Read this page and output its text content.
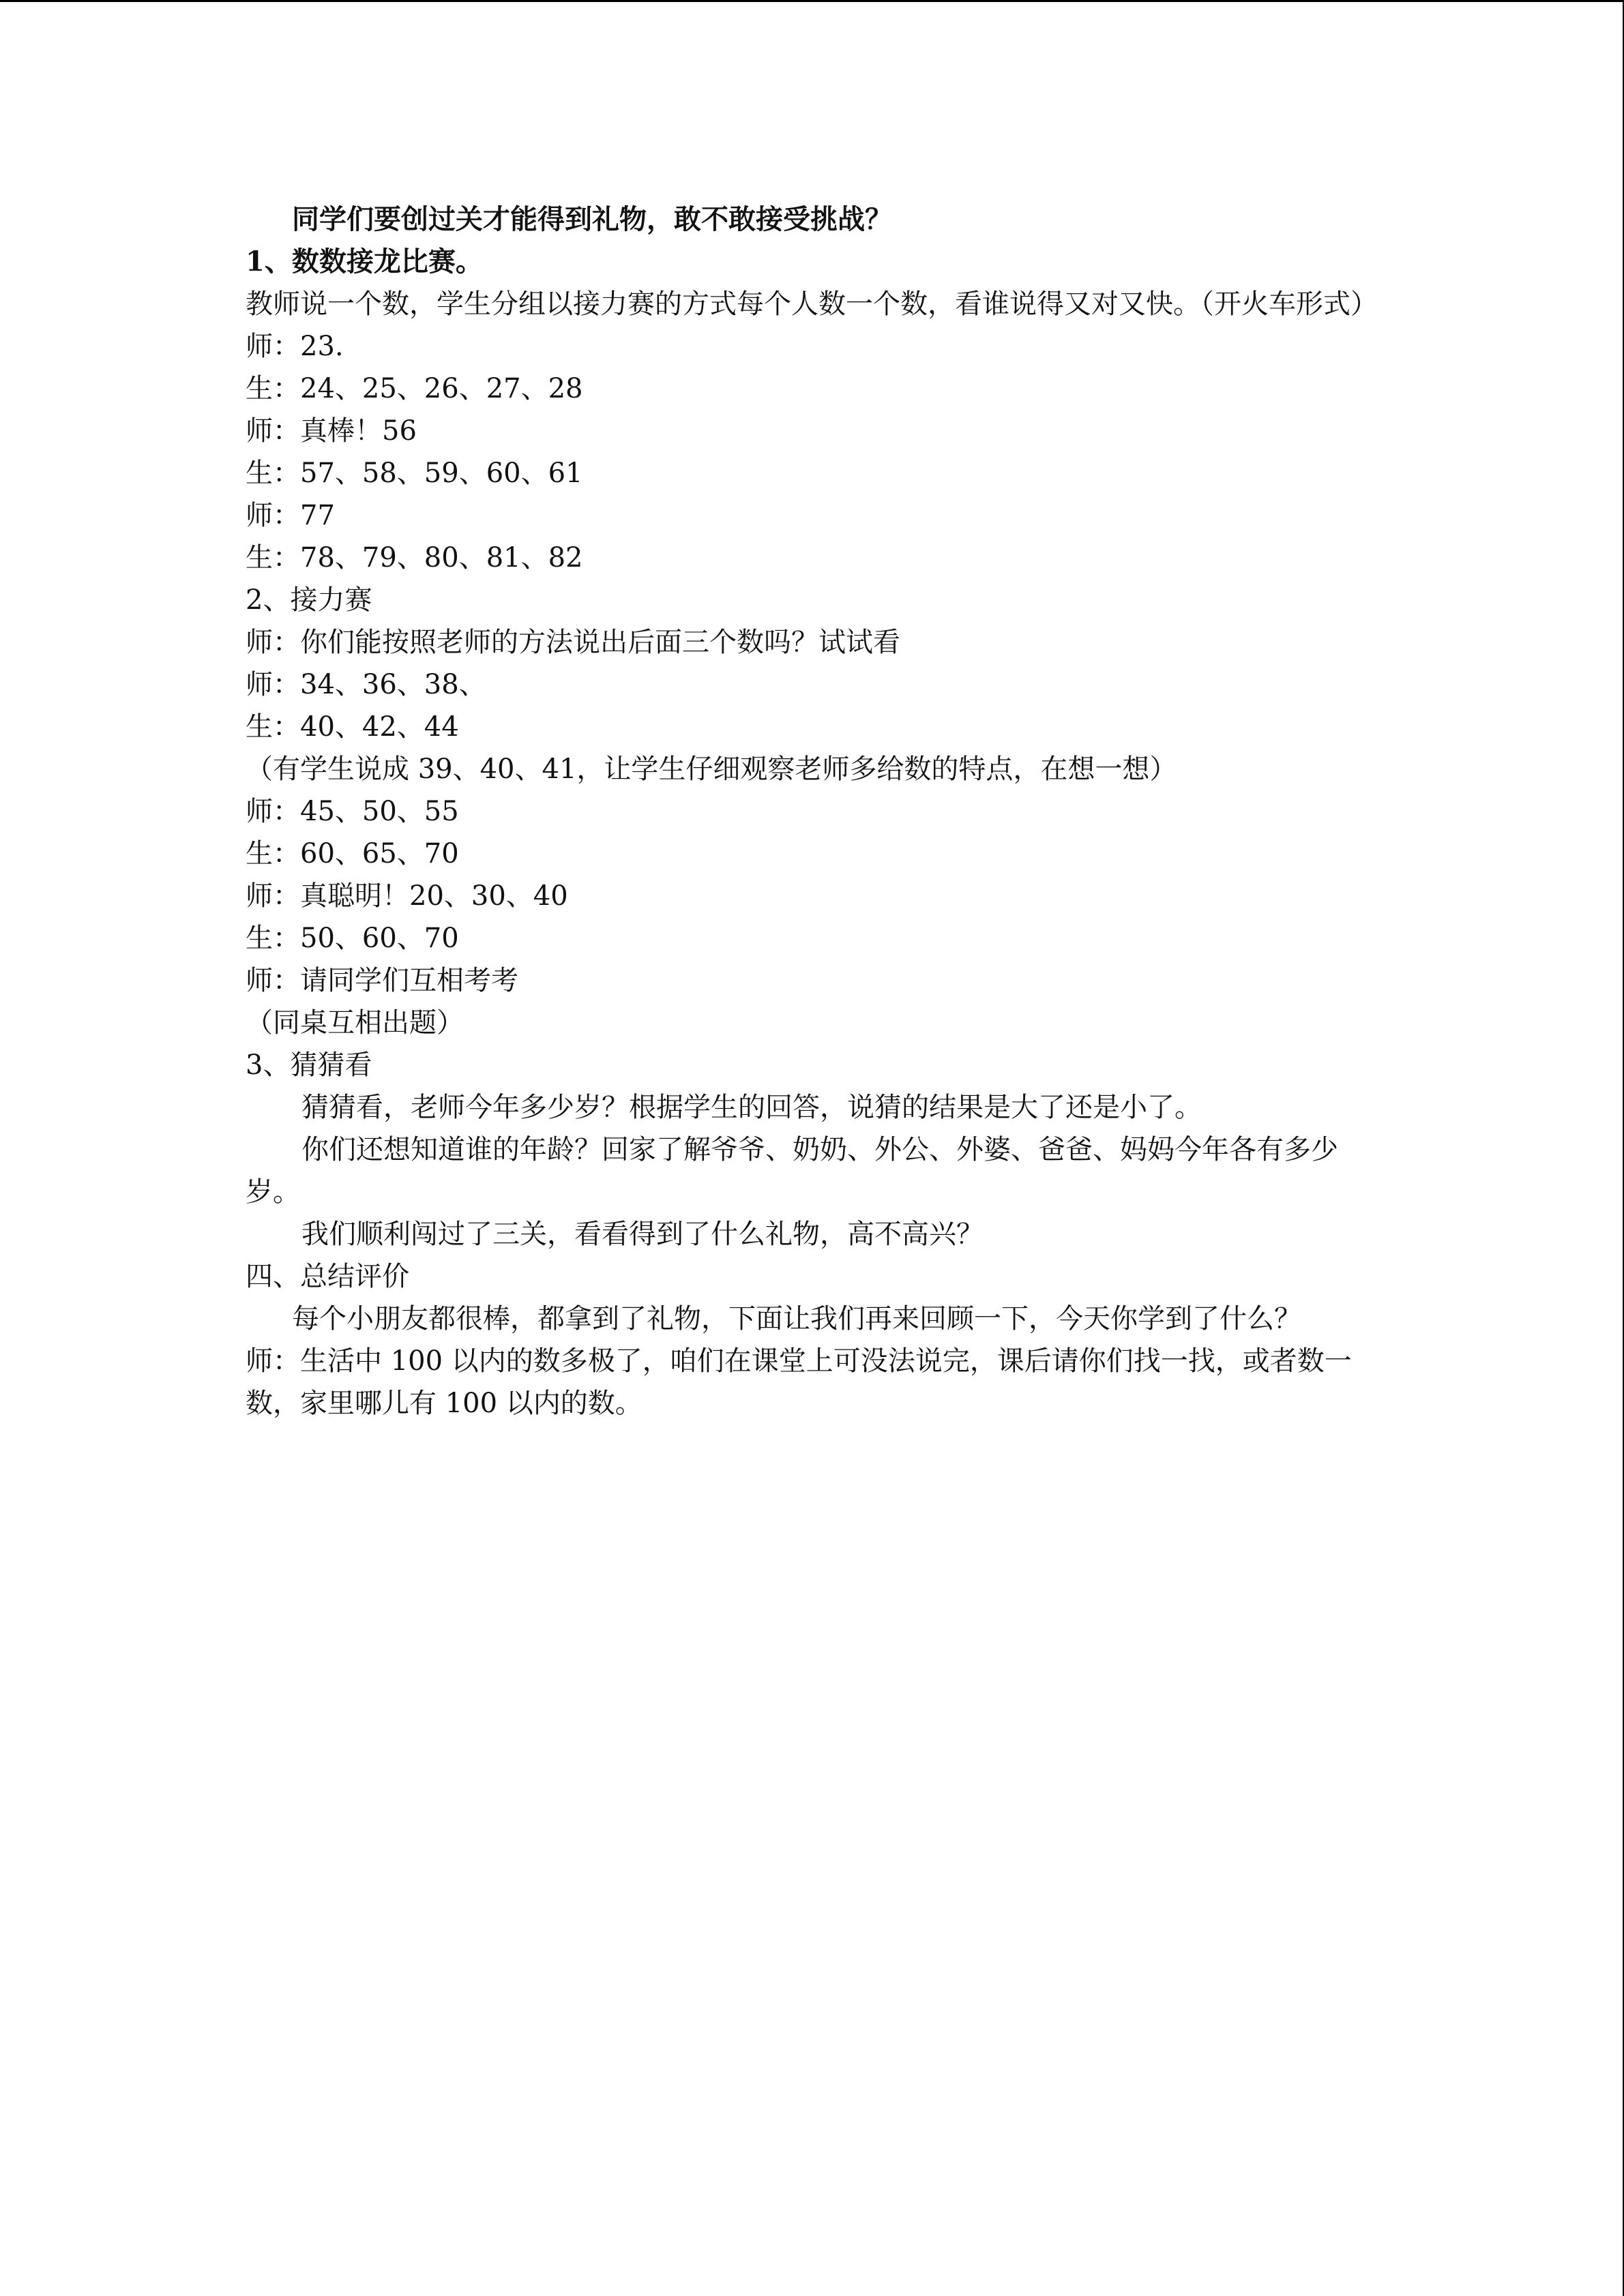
同学们要创过关才能得到礼物，敢不敢接受挑战？

1、数数接龙比赛。

教师说一个数，学生分组以接力赛的方式每个人数一个数，看谁说得又对又快。（开火车形式）

师：23.

生：24、25、26、27、28

师：真棒！56

生：57、58、59、60、61

师：77

生：78、79、80、81、82

2、接力赛

师：你们能按照老师的方法说出后面三个数吗？试试看

师：34、36、38、

生：40、42、44

（有学生说成 39、40、41，让学生仔细观察老师多给数的特点，在想一想）

师：45、50、55

生：60、65、70

师：真聪明！20、30、40

生：50、60、70

师：请同学们互相考考

（同桌互相出题）

3、猜猜看

猜猜看，老师今年多少岁？根据学生的回答，说猜的结果是大了还是小了。

你们还想知道谁的年龄？回家了解爷爷、奶奶、外公、外婆、爸爸、妈妈今年各有多少岁。

我们顺利闯过了三关，看看得到了什么礼物，高不高兴？

四、总结评价

每个小朋友都很棒，都拿到了礼物，下面让我们再来回顾一下，今天你学到了什么？

师：生活中 100 以内的数多极了，咱们在课堂上可没法说完，课后请你们找一找，或者数一数，家里哪儿有 100 以内的数。
